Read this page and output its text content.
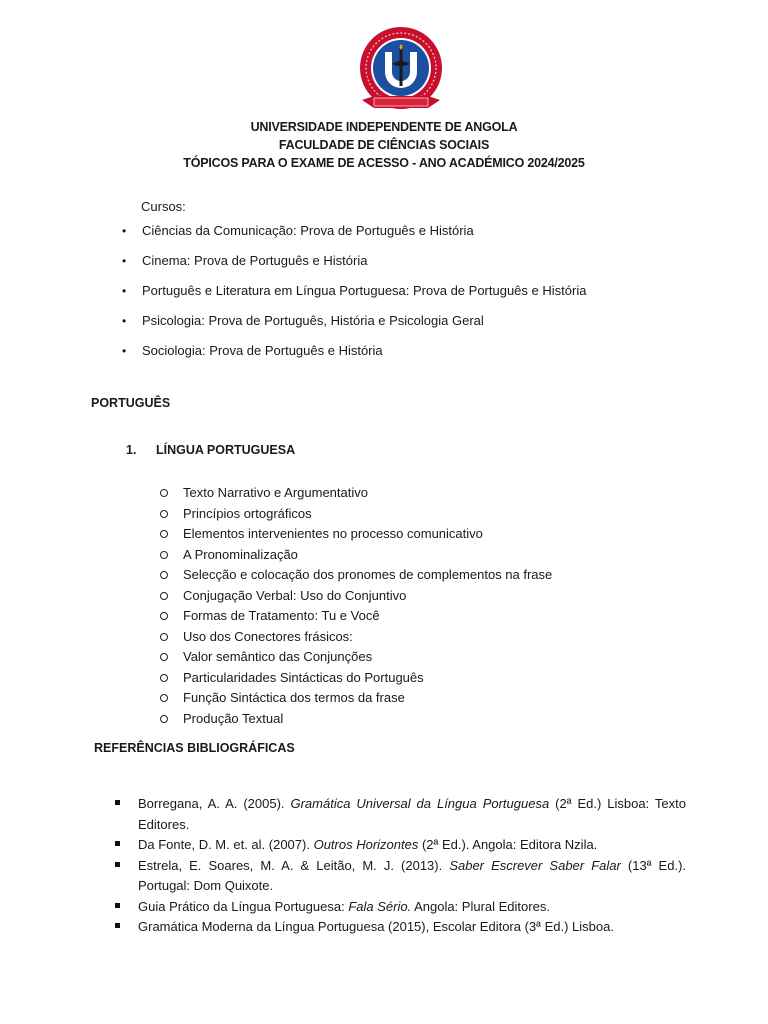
UNIVERSIDADE INDEPENDENTE DE ANGOLA
FACULDADE DE CIÊNCIAS SOCIAIS
TÓPICOS PARA O EXAME DE ACESSO - ANO ACADÉMICO 2024/2025
Cursos:
• Ciências da Comunicação: Prova de Português e História
• Cinema: Prova de Português e História
• Português e Literatura em Língua Portuguesa: Prova de Português e História
• Psicologia: Prova de Português, História e Psicologia Geral
• Sociologia: Prova de Português e História
PORTUGUÊS
1. LÍNGUA PORTUGUESA
Texto Narrativo e Argumentativo
Princípios ortográficos
Elementos intervenientes no processo comunicativo
A Pronominalização
Selecção e colocação dos pronomes de complementos na frase
Conjugação Verbal: Uso do Conjuntivo
Formas de Tratamento: Tu e Você
Uso dos Conectores frásicos:
Valor semântico das Conjunções
Particularidades Sintácticas do Português
Função Sintáctica dos termos da frase
Produção Textual
REFERÊNCIAS BIBLIOGRÁFICAS
Borregana, A. A. (2005). Gramática Universal da Língua Portuguesa (2ª Ed.) Lisboa: Texto Editores.
Da Fonte, D. M. et. al. (2007). Outros Horizontes (2ª Ed.). Angola: Editora Nzila.
Estrela, E. Soares, M. A. & Leitão, M. J. (2013). Saber Escrever Saber Falar (13ª Ed.). Portugal: Dom Quixote.
Guia Prático da Língua Portuguesa: Fala Sério. Angola: Plural Editores.
Gramática Moderna da Língua Portuguesa (2015), Escolar Editora (3ª Ed.) Lisboa.
